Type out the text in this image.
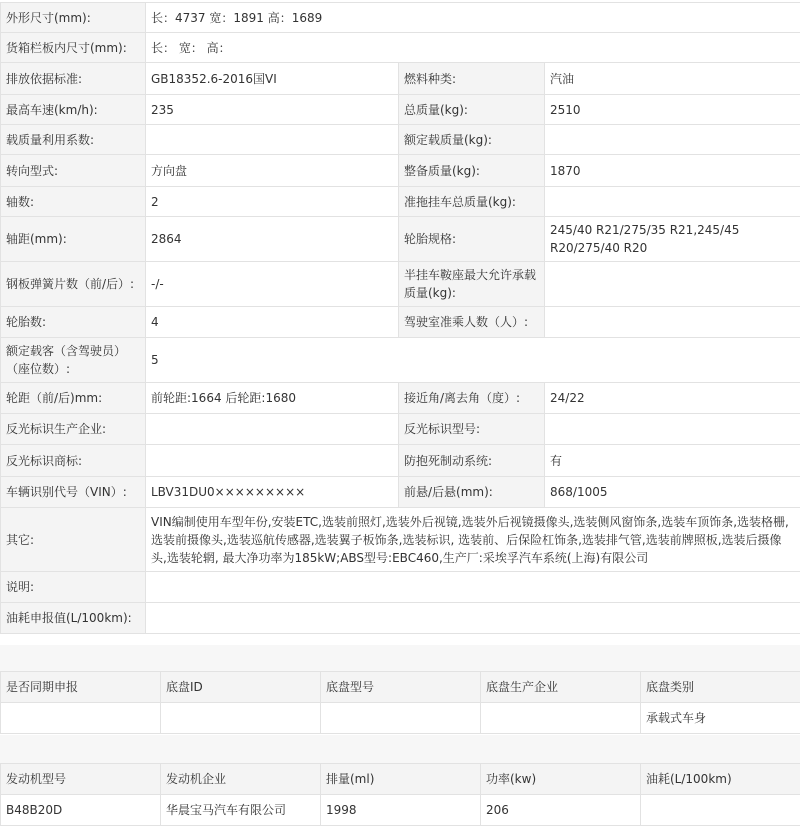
外形尺寸(mm):	长：4737 宽：1891 高：1689		
货箱栏板内尺寸(mm):	长： 宽： 高：		
排放依据标准:	GB18352.6-2016国VI	燃料种类:	汽油
最高车速(km/h):	235	总质量(kg):	2510
载质量利用系数:		额定载质量(kg):	
转向型式:	方向盘	整备质量(kg):	1870
轴数:	2	准拖挂车总质量(kg):	
轴距(mm):	2864	轮胎规格:	245/40 R21/275/35 R21,245/45 R20/275/40 R20
钢板弹簧片数（前/后）:	-/-	半挂车鞍座最大允许承载质量(kg):	
轮胎数:	4	驾驶室准乘人数（人）:	
额定载客（含驾驶员）（座位数）:	5		
轮距（前/后)mm:	前轮距:1664 后轮距:1680	接近角/离去角（度）:	24/22
反光标识生产企业:		反光标识型号:	
反光标识商标:		防抱死制动系统:	有
车辆识别代号（VIN）:	LBV31DU0×××××××××	前悬/后悬(mm):	868/1005
其它:	VIN编制使用车型年份,安装ETC,选装前照灯,选装外后视镜,选装外后视镜摄像头,选装侧风窗饰条,选装车顶饰条,选装格栅,选装前摄像头,选装巡航传感器,选装翼子板饰条,选装标识, 选装前、后保险杠饰条,选装排气管,选装前牌照板,选装后摄像头,选装轮辋, 最大净功率为185kW;ABS型号:EBC460,生产厂:采埃孚汽车系统(上海)有限公司		
说明:			
油耗申报值(L/100km):			
是否同期申报	底盘ID	底盘型号	底盘生产企业	底盘类别
				承载式车身
发动机型号	发动机企业	排量(ml)	功率(kw)	油耗(L/100km)
B48B20D	华晨宝马汽车有限公司	1998	206	
